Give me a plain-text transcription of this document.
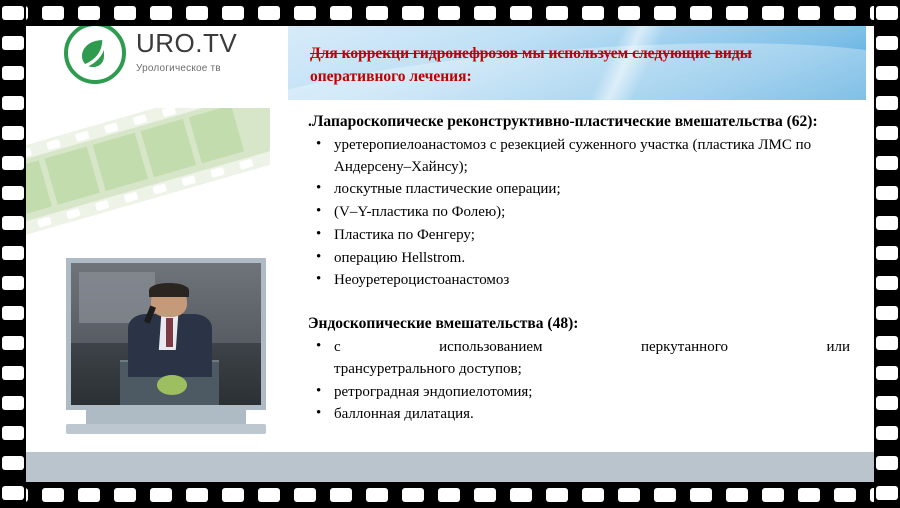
URO.TV
Урологическое тв
Для коррекци гидронефрозов мы используем следующие виды
оперативного лечения:
.Лапароскопическе реконструктивно-пластические вмешательства (62):
• уретеропиелоанастомоз с резекцией суженного участка (пластика ЛМС по Андерсену–Хайнсу);
• лоскутные пластические операции;
• (V–Y-пластика по Фолею);
• Пластика по Фенгеру;
• операцию Hellstrom.
• Неоуретероцистоанастомоз
Эндоскопические вмешательства (48):
• с использованием перкутанного или
трансуретрального доступов;
• ретроградная эндопиелотомия;
• баллонная дилатация.
